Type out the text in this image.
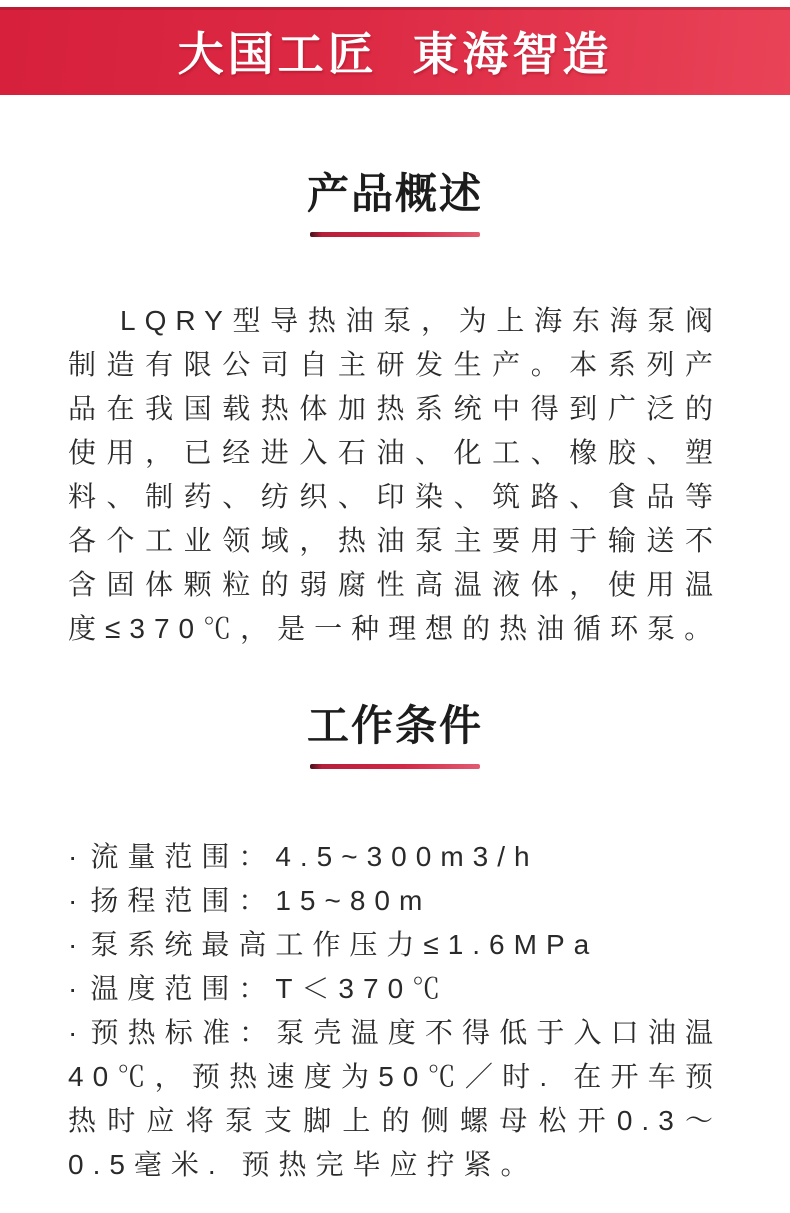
大国工匠 東海智造
产品概述

LQRY型导热油泵，为上海东海泵阀制造有限公司自主研发生产。本系列产品在我国载热体加热系统中得到广泛的使用，已经进入石油、化工、橡胶、塑料、制药、纺织、印染、筑路、食品等各个工业领域，热油泵主要用于输送不含固体颗粒的弱腐性高温液体，使用温度≤370℃，是一种理想的热油循环泵。

工作条件
· 流量范围：4.5~300m3/h
· 扬程范围：15~80m
· 泵系统最高工作压力≤1.6MPa
· 温度范围：T＜370℃
· 预热标准：泵壳温度不得低于入口油温40℃，预热速度为50℃／时. 在开车预热时应将泵支脚上的侧螺母松开0.3～0.5毫米. 预热完毕应拧紧。
